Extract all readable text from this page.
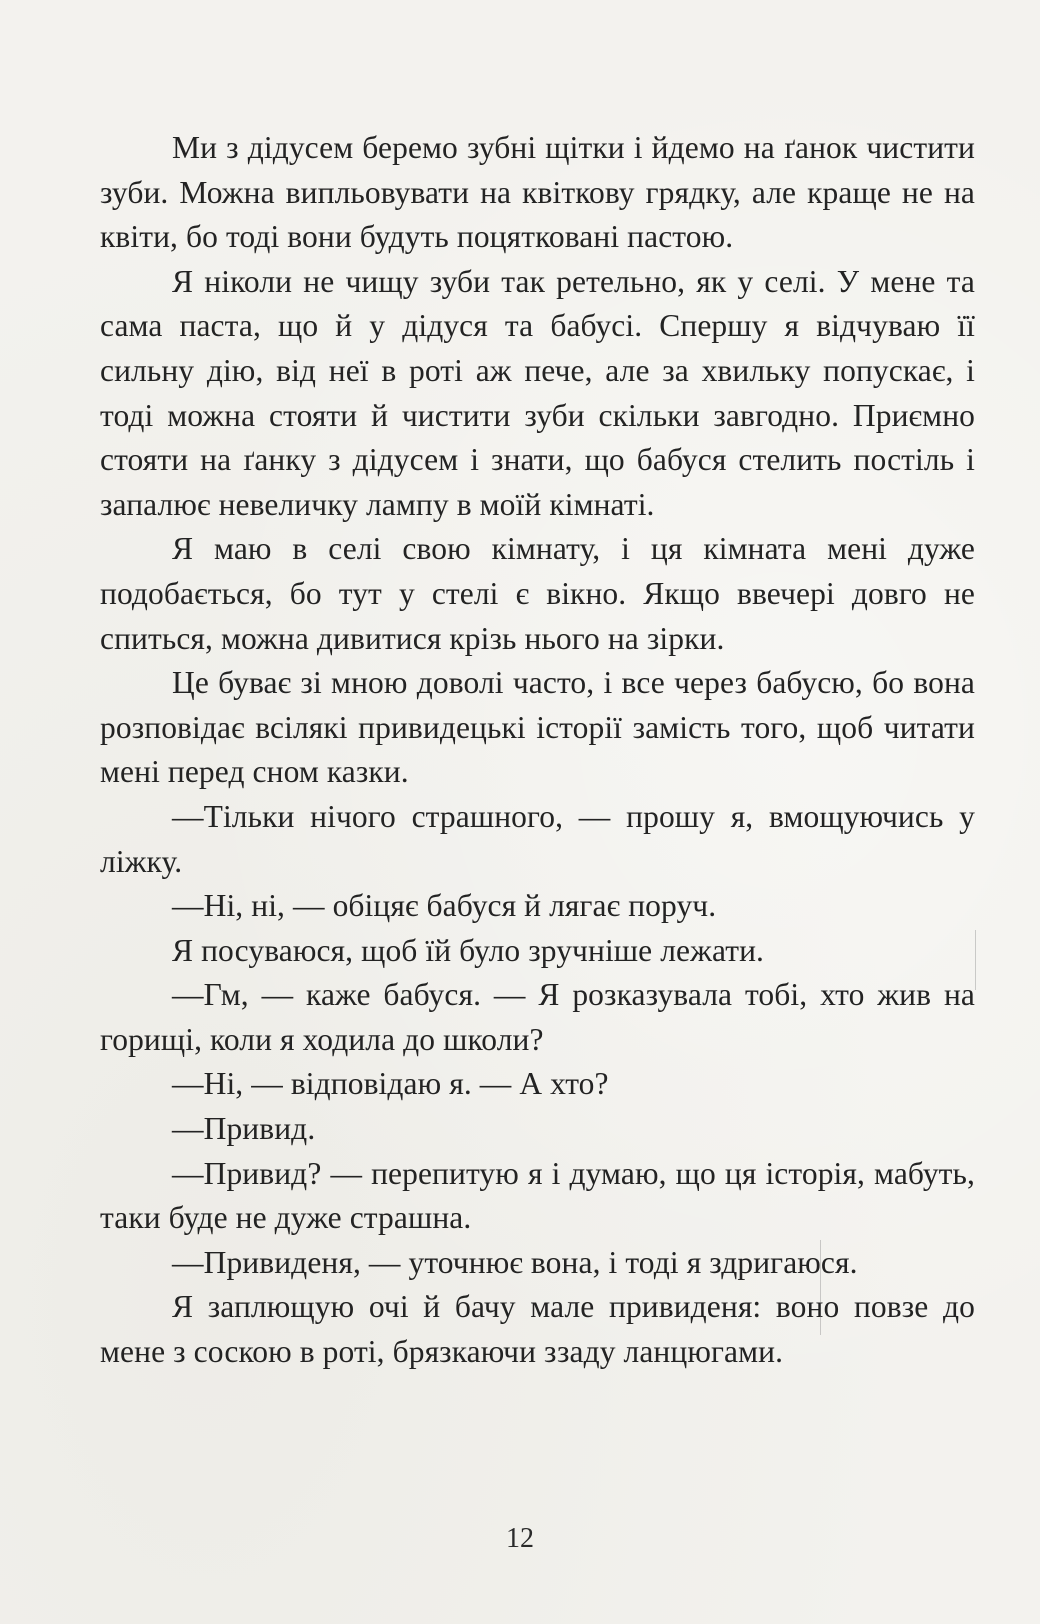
Ми з дідусем беремо зубні щітки і йдемо на ґанок чистити зуби. Можна випльовувати на квіткову грядку, але краще не на квіти, бо тоді вони будуть поцятковані пастою.

Я ніколи не чищу зуби так ретельно, як у селі. У мене та сама паста, що й у дідуся та бабусі. Спершу я відчуваю її сильну дію, від неї в роті аж пече, але за хвильку попускає, і тоді можна стояти й чистити зуби скільки завгодно. Приємно стояти на ґанку з дідусем і знати, що бабуся стелить постіль і запалює невеличку лампу в моїй кімнаті.

Я маю в селі свою кімнату, і ця кімната мені дуже подобається, бо тут у стелі є вікно. Якщо ввечері довго не спиться, можна дивитися крізь нього на зірки.

Це буває зі мною доволі часто, і все через бабусю, бо вона розповідає всілякі привидецькі історії замість того, щоб читати мені перед сном казки.

—Тільки нічого страшного, — прошу я, вмощуючись у ліжку.

—Ні, ні, — обіцяє бабуся й лягає поруч.

Я посуваюся, щоб їй було зручніше лежати.

—Гм, — каже бабуся. — Я розказувала тобі, хто жив на горищі, коли я ходила до школи?

—Ні, — відповідаю я. — А хто?

—Привид.

—Привид? — перепитую я і думаю, що ця історія, мабуть, таки буде не дуже страшна.

—Привиденя, — уточнює вона, і тоді я здригаюся.

Я заплющую очі й бачу мале привиденя: воно повзе до мене з соскою в роті, брязкаючи ззаду ланцюгами.

12
